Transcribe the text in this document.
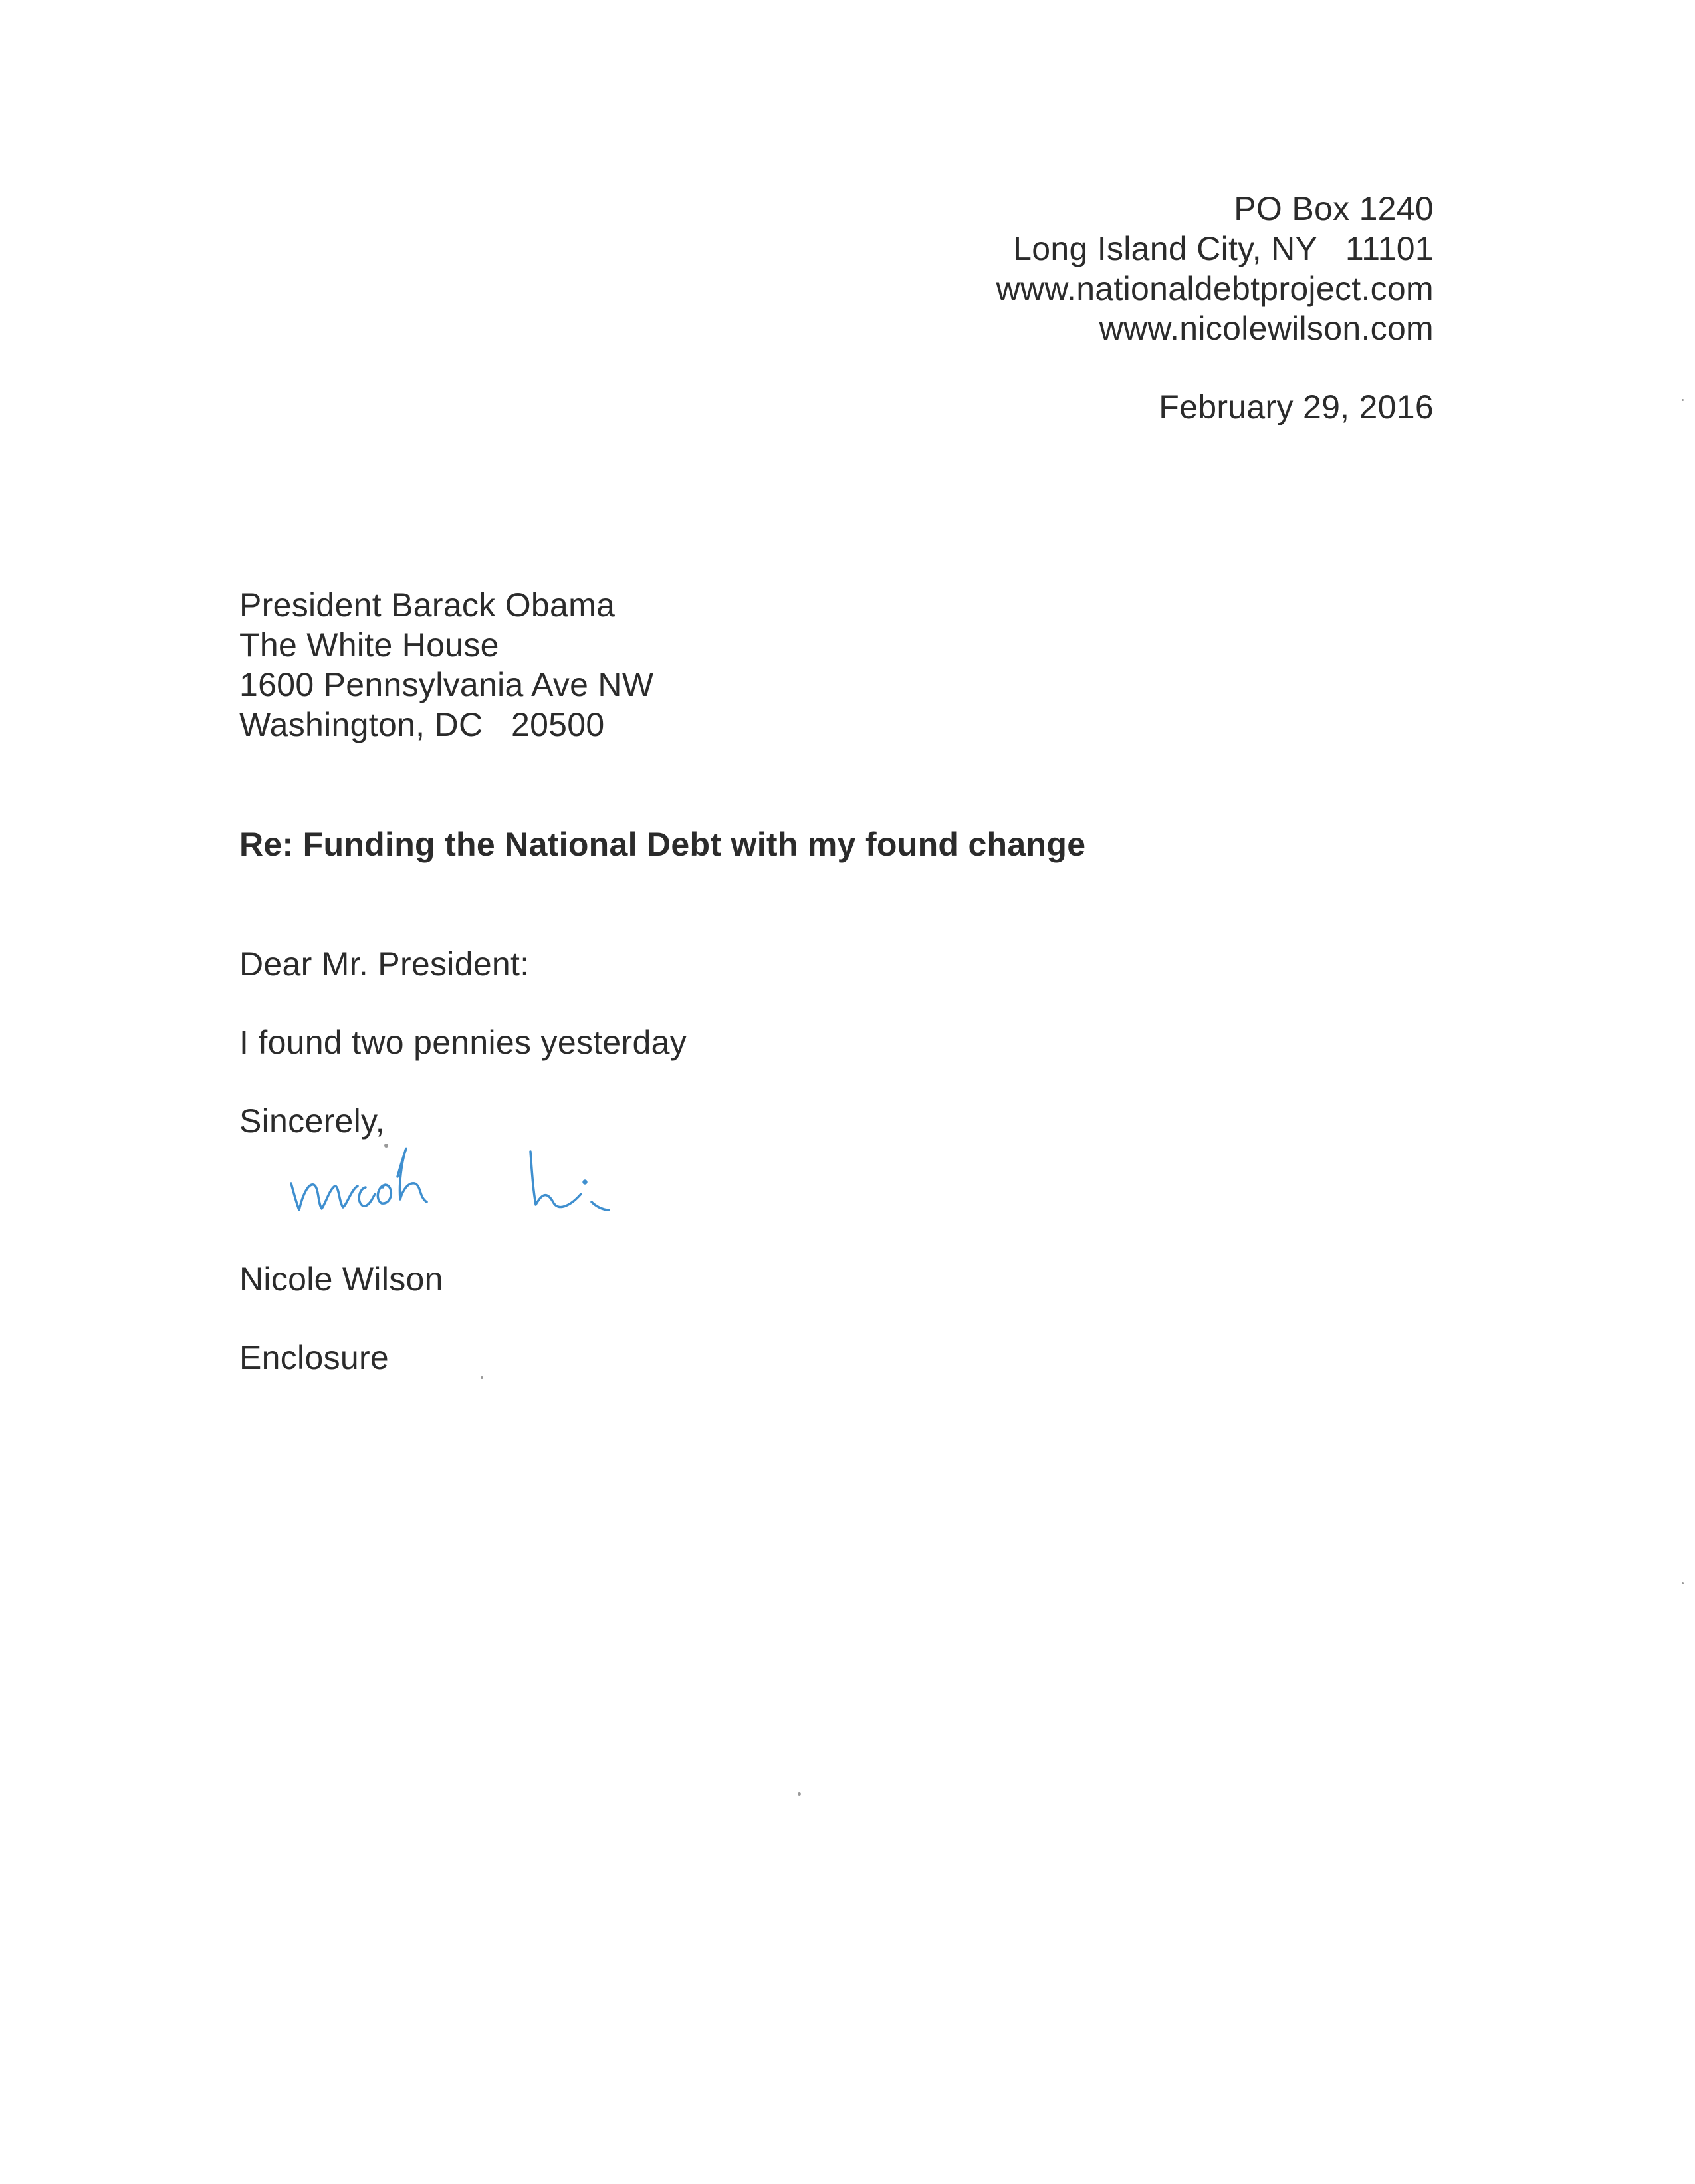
PO Box 1240
Long Island City, NY   11101
www.nationaldebtproject.com
www.nicolewilson.com
February 29, 2016
President Barack Obama
The White House
1600 Pennsylvania Ave NW
Washington, DC   20500
Re: Funding the National Debt with my found change
Dear Mr. President:
I found two pennies yesterday
Sincerely,
Nicole Wilson
Enclosure
